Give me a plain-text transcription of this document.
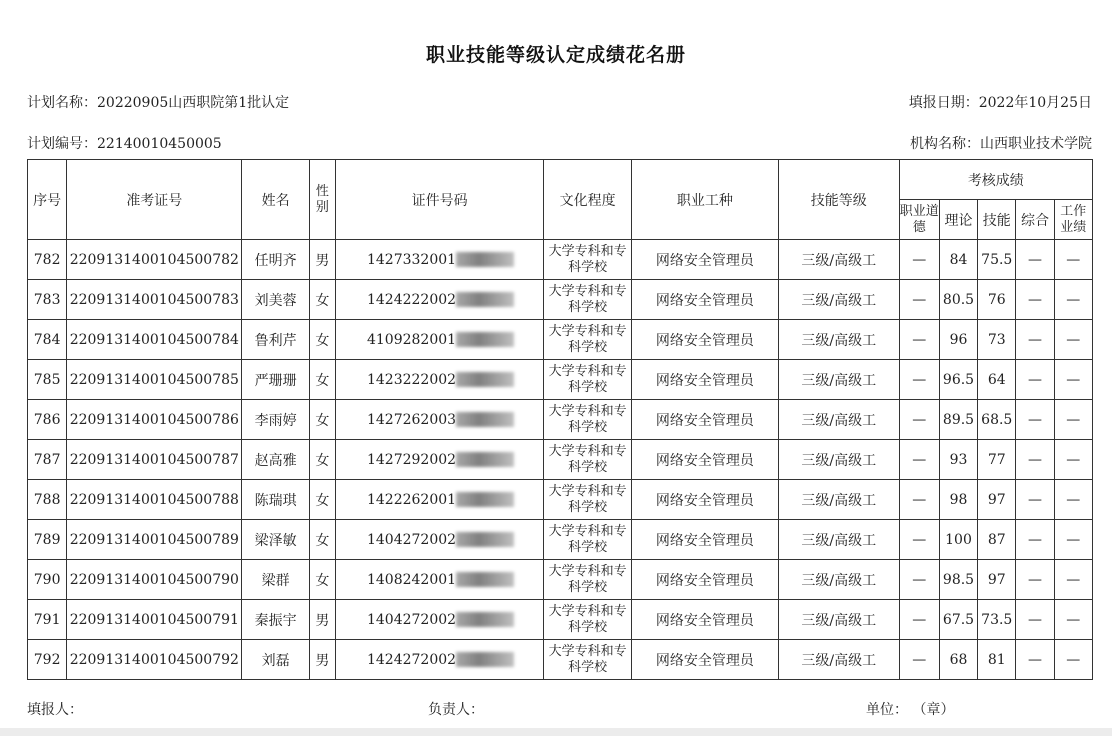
职业技能等级认定成绩花名册
计划名称 ： 20220905山西职院第1批认定	填报日期 ： 2022年10月25日
计划编号 ： 22140010450005	机构名称 ： 山西职业技术学院
序号	准考证号	姓名	性别	证件号码	文化程度	职业工种	技能等级	考核成绩				
								职业道德	理论	技能	综合	工作业绩
782	2209131400104500782	任明齐	男	1427332001	大学专科和专科学校	网络安全管理员	三级/高级工	—	84	75.5	—	—
783	2209131400104500783	刘美蓉	女	1424222002	大学专科和专科学校	网络安全管理员	三级/高级工	—	80.5	76	—	—
784	2209131400104500784	鲁利芹	女	4109282001	大学专科和专科学校	网络安全管理员	三级/高级工	—	96	73	—	—
785	2209131400104500785	严珊珊	女	1423222002	大学专科和专科学校	网络安全管理员	三级/高级工	—	96.5	64	—	—
786	2209131400104500786	李雨婷	女	1427262003	大学专科和专科学校	网络安全管理员	三级/高级工	—	89.5	68.5	—	—
787	2209131400104500787	赵高雅	女	1427292002	大学专科和专科学校	网络安全管理员	三级/高级工	—	93	77	—	—
788	2209131400104500788	陈瑞琪	女	1422262001	大学专科和专科学校	网络安全管理员	三级/高级工	—	98	97	—	—
789	2209131400104500789	梁泽敏	女	1404272002	大学专科和专科学校	网络安全管理员	三级/高级工	—	100	87	—	—
790	2209131400104500790	梁群	女	1408242001	大学专科和专科学校	网络安全管理员	三级/高级工	—	98.5	97	—	—
791	2209131400104500791	秦振宇	男	1404272002	大学专科和专科学校	网络安全管理员	三级/高级工	—	67.5	73.5	—	—
792	2209131400104500792	刘磊	男	1424272002	大学专科和专科学校	网络安全管理员	三级/高级工	—	68	81	—	—
填报人：	负责人：	单位： （章）
